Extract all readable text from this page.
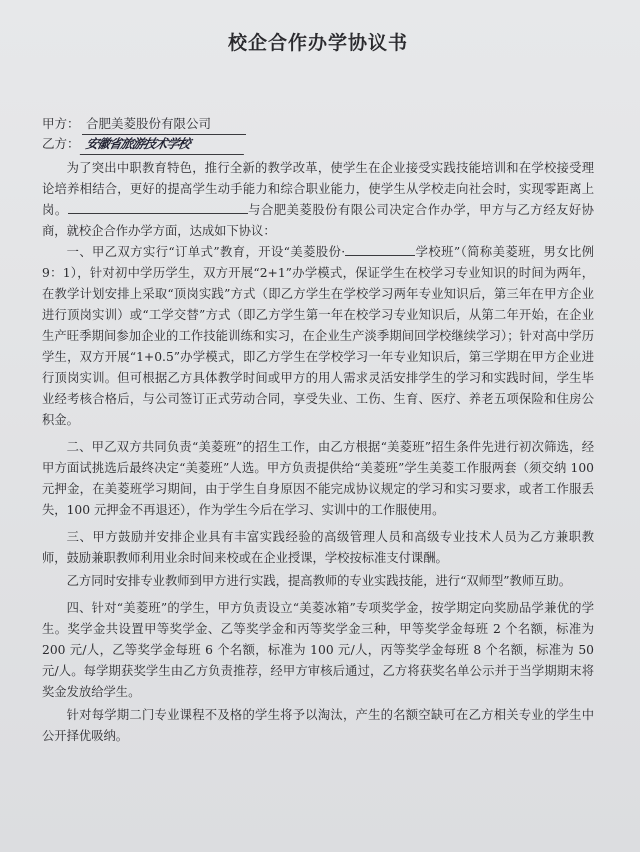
校企合作办学协议书
甲方： 合肥美菱股份有限公司
乙方： 安徽省旅游技术学校

为了突出中职教育特色，推行全新的教学改革，使学生在企业接受实践技能培训和在学校接受理论培养相结合，更好的提高学生动手能力和综合职业能力，使学生从学校走向社会时，实现零距离上岗。	与合肥美菱股份有限公司决定合作办学，甲方与乙方经友好协商，就校企合作办学方面，达成如下协议：

一、甲乙双方实行“订单式”教育，开设“美菱股份·	学校班”（简称美菱班，男女比例 9：1），针对初中学历学生，双方开展“2+1”办学模式，保证学生在校学习专业知识的时间为两年，在教学计划安排上采取“顶岗实践”方式（即乙方学生在学校学习两年专业知识后，第三年在甲方企业进行顶岗实训）或“工学交替”方式（即乙方学生第一年在校学习专业知识后，从第二年开始，在企业生产旺季期间参加企业的工作技能训练和实习，在企业生产淡季期间回学校继续学习）；针对高中学历学生，双方开展“1+0.5”办学模式，即乙方学生在学校学习一年专业知识后，第三学期在甲方企业进行顶岗实训。但可根据乙方具体教学时间或甲方的用人需求灵活安排学生的学习和实践时间，学生毕业经考核合格后，与公司签订正式劳动合同，享受失业、工伤、生育、医疗、养老五项保险和住房公积金。

二、甲乙双方共同负责“美菱班”的招生工作，由乙方根据“美菱班”招生条件先进行初次筛选，经甲方面试挑选后最终决定“美菱班”人选。甲方负责提供给“美菱班”学生美菱工作服两套（须交纳 100 元押金，在美菱班学习期间，由于学生自身原因不能完成协议规定的学习和实习要求，或者工作服丢失，100 元押金不再退还），作为学生今后在学习、实训中的工作服使用。

三、甲方鼓励并安排企业具有丰富实践经验的高级管理人员和高级专业技术人员为乙方兼职教师，鼓励兼职教师利用业余时间来校或在企业授课，学校按标准支付课酬。

乙方同时安排专业教师到甲方进行实践，提高教师的专业实践技能，进行“双师型”教师互助。

四、针对“美菱班”的学生，甲方负责设立“美菱冰箱”专项奖学金，按学期定向奖励品学兼优的学生。奖学金共设置甲等奖学金、乙等奖学金和丙等奖学金三种，甲等奖学金每班 2 个名额，标准为 200 元/人，乙等奖学金每班 6 个名额，标准为 100 元/人，丙等奖学金每班 8 个名额，标准为 50 元/人。每学期获奖学生由乙方负责推荐，经甲方审核后通过，乙方将获奖名单公示并于当学期期末将奖金发放给学生。

针对每学期二门专业课程不及格的学生将予以淘汰，产生的名额空缺可在乙方相关专业的学生中公开择优吸纳。
